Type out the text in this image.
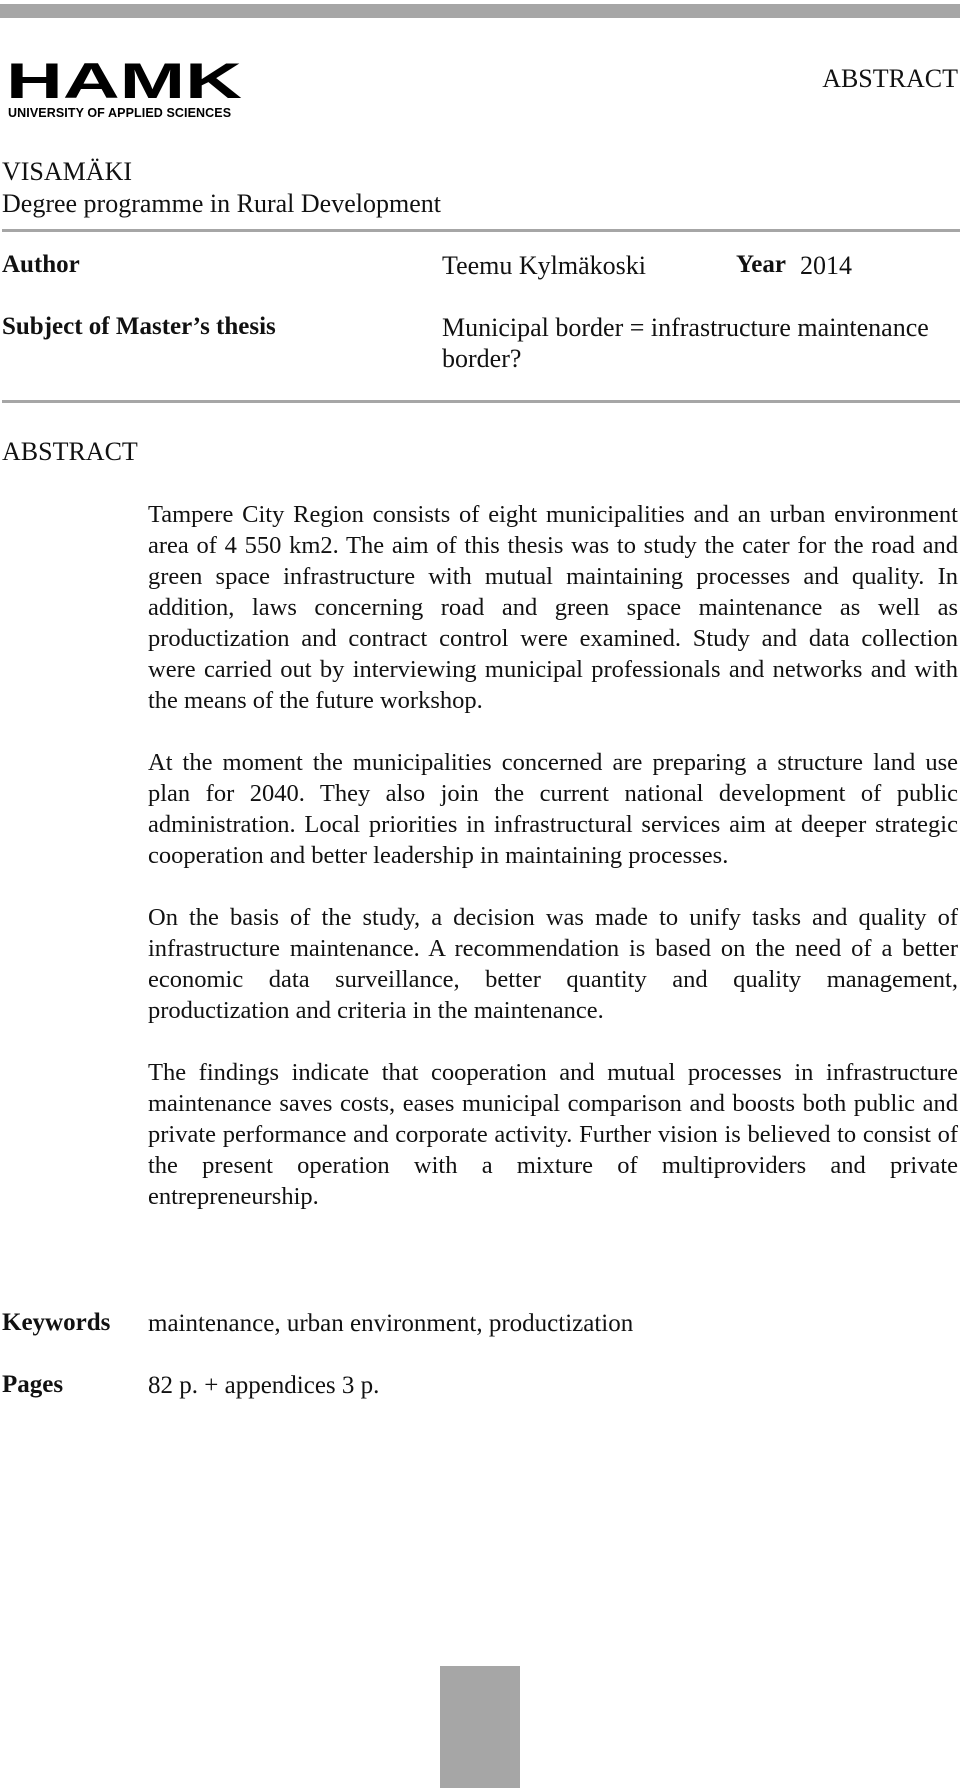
HAMK
UNIVERSITY OF APPLIED SCIENCES
ABSTRACT
VISAMÄKI
Degree programme in Rural Development
Author	Teemu Kylmäkoski	Year 2014
Subject of Master’s thesis	Municipal border = infrastructure maintenance border?
ABSTRACT

Tampere City Region consists of eight municipalities and an urban environment area of 4 550 km2. The aim of this thesis was to study the cater for the road and green space infrastructure with mutual maintaining processes and quality. In addition, laws concerning road and green space maintenance as well as productization and contract control were examined. Study and data collection were carried out by interviewing municipal professionals and networks and with the means of the future workshop.

At the moment the municipalities concerned are preparing a structure land use plan for 2040. They also join the current national development of public administration. Local priorities in infrastructural services aim at deeper strategic cooperation and better leadership in maintaining processes.

On the basis of the study, a decision was made to unify tasks and quality of infrastructure maintenance. A recommendation is based on the need of a better economic data surveillance, better quantity and quality management, productization and criteria in the maintenance.

The findings indicate that cooperation and mutual processes in infrastructure maintenance saves costs, eases municipal comparison and boosts both public and private performance and corporate activity. Further vision is believed to consist of the present operation with a mixture of multiproviders and private entrepreneurship.

Keywords maintenance, urban environment, productization
Pages	82 p. + appendices 3 p.
